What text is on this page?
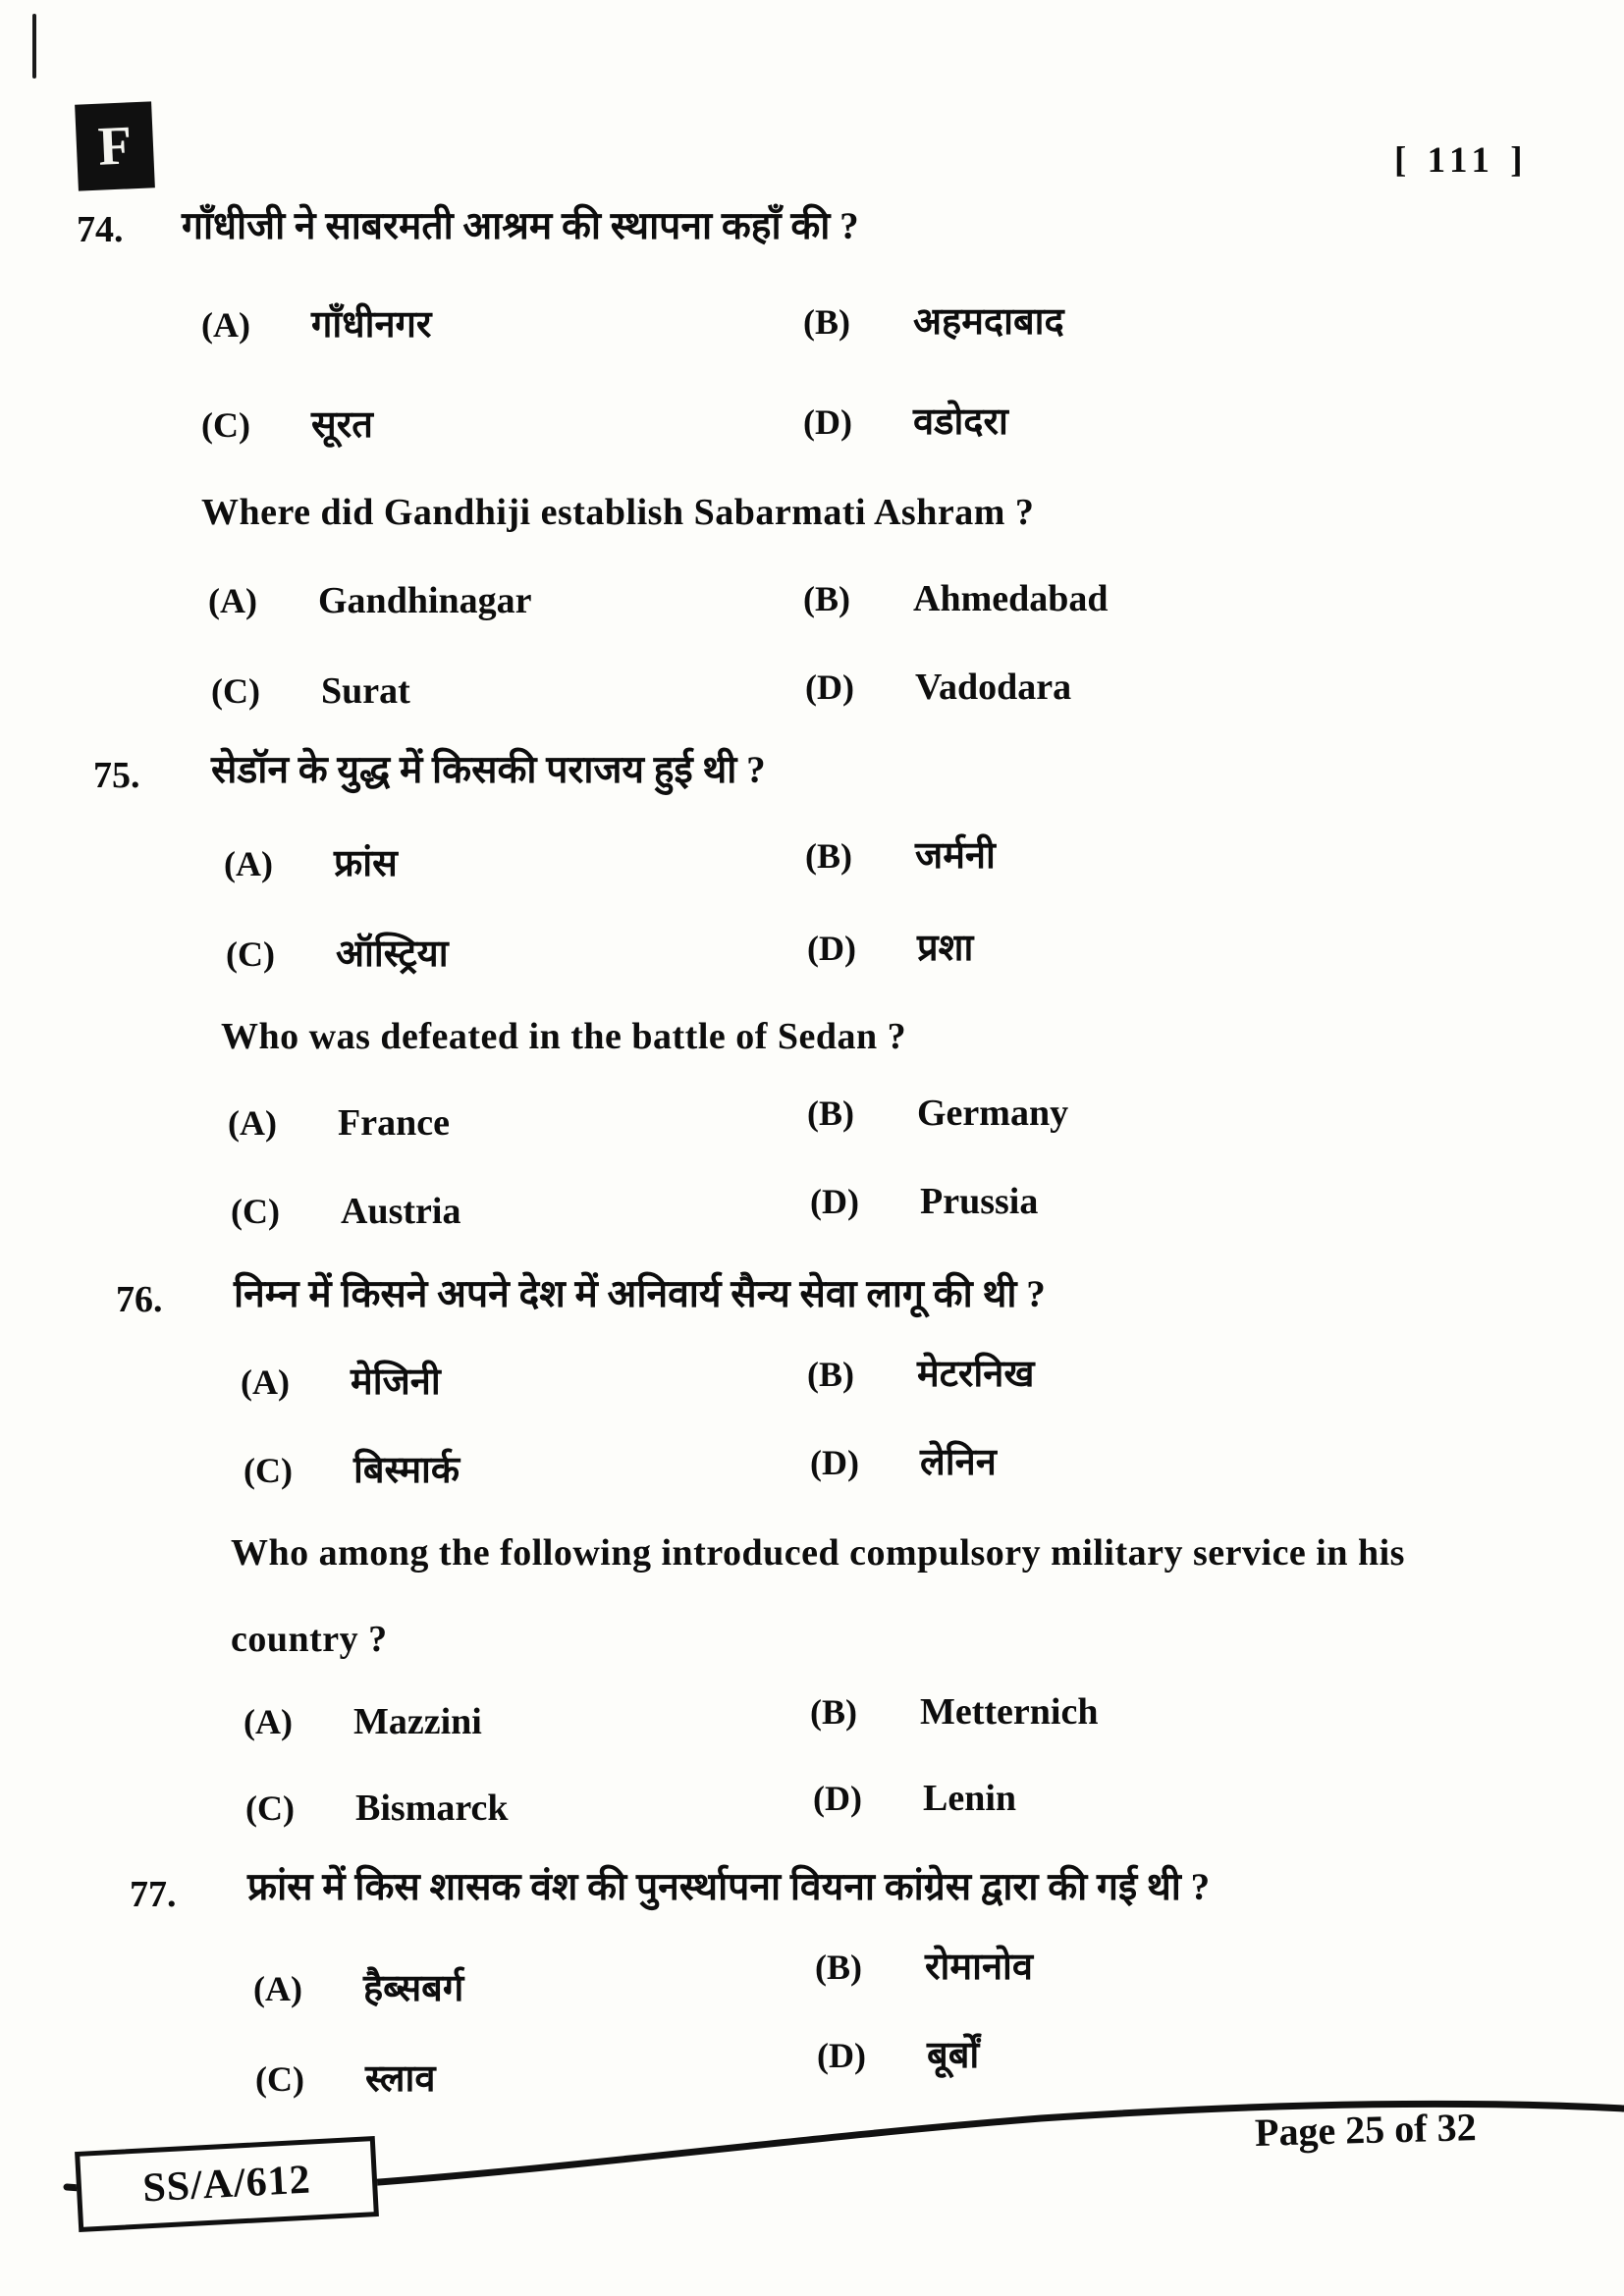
F	[ 111 ]
74. गाँधीजी ने साबरमती आश्रम की स्थापना कहाँ की ?
(A)	गाँधीनगर	(B)	अहमदाबाद
(C)	सूरत	(D)	वडोदरा
Where did Gandhiji establish Sabarmati Ashram ?
(A)	Gandhinagar	(B)	Ahmedabad
(C)	Surat	(D)	Vadodara
75. सेडॉन के युद्ध में किसकी पराजय हुई थी ?
(A)	फ्रांस	(B)	जर्मनी
(C)	ऑस्ट्रिया	(D)	प्रशा
Who was defeated in the battle of Sedan ?
(A)	France	(B)	Germany
(C)	Austria	(D)	Prussia
76. निम्न में किसने अपने देश में अनिवार्य सैन्य सेवा लागू की थी ?
(A)	मेजिनी	(B)	मेटरनिख
(C)	बिस्मार्क	(D)	लेनिन
Who among the following introduced compulsory military service in his country ?
(A)	Mazzini	(B)	Metternich
(C)	Bismarck	(D)	Lenin
77. फ्रांस में किस शासक वंश की पुनर्स्थापना वियना कांग्रेस द्वारा की गई थी ?
(A)	हैब्सबर्ग
(B)	रोमानोव
(C)	स्लाव
(D)	बूर्बों
SS/A/612
Page 25 of 32
